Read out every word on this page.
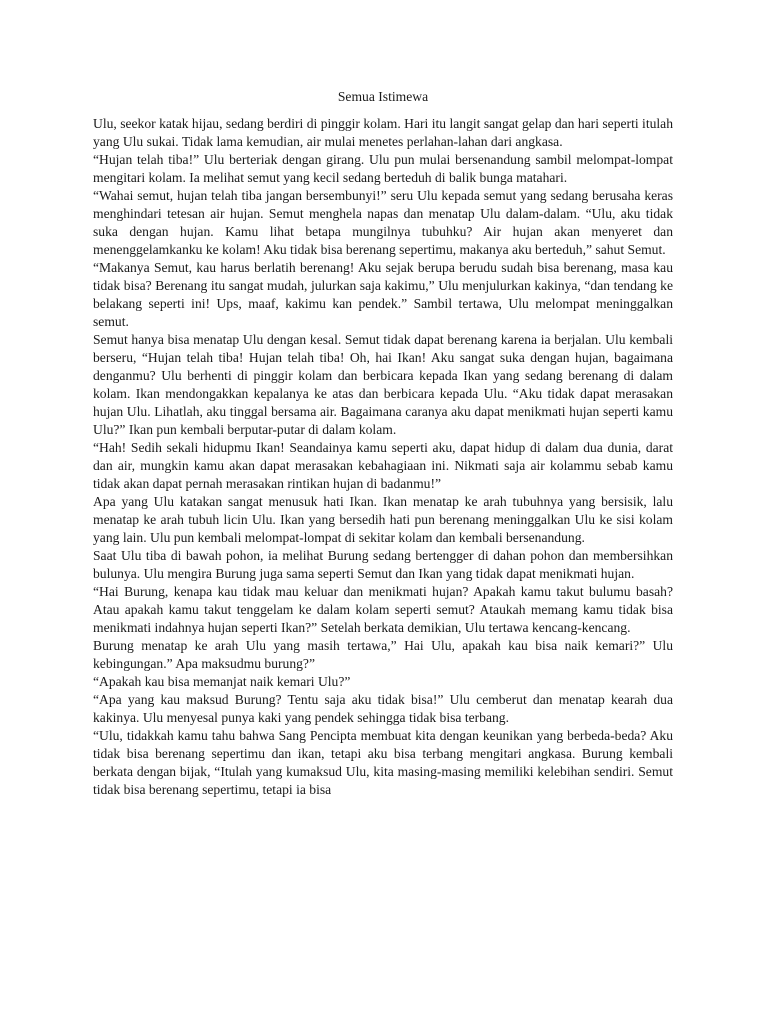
Semua Istimewa

Ulu, seekor katak hijau, sedang berdiri di pinggir kolam. Hari itu langit sangat gelap dan hari seperti itulah yang Ulu sukai. Tidak lama kemudian, air mulai menetes perlahan-lahan dari angkasa.

“Hujan telah tiba!” Ulu berteriak dengan girang. Ulu pun mulai bersenandung sambil melompat-lompat mengitari kolam. Ia melihat semut yang kecil sedang berteduh di balik bunga matahari.

“Wahai semut, hujan telah tiba jangan bersembunyi!” seru Ulu kepada semut yang sedang berusaha keras menghindari tetesan air hujan. Semut menghela napas dan menatap Ulu dalam-dalam. “Ulu, aku tidak suka dengan hujan. Kamu lihat betapa mungilnya tubuhku? Air hujan akan menyeret dan menenggelamkanku ke kolam! Aku tidak bisa berenang sepertimu, makanya aku berteduh,” sahut Semut.

“Makanya Semut, kau harus berlatih berenang! Aku sejak berupa berudu sudah bisa berenang, masa kau tidak bisa? Berenang itu sangat mudah, julurkan saja kakimu,” Ulu menjulurkan kakinya, “dan tendang ke belakang seperti ini! Ups, maaf, kakimu kan pendek.” Sambil tertawa, Ulu melompat meninggalkan semut.

Semut hanya bisa menatap Ulu dengan kesal. Semut tidak dapat berenang karena ia berjalan. Ulu kembali berseru, “Hujan telah tiba! Hujan telah tiba! Oh, hai Ikan! Aku sangat suka dengan hujan, bagaimana denganmu? Ulu berhenti di pinggir kolam dan berbicara kepada Ikan yang sedang berenang di dalam kolam. Ikan mendongakkan kepalanya ke atas dan berbicara kepada Ulu. “Aku tidak dapat merasakan hujan Ulu. Lihatlah, aku tinggal bersama air. Bagaimana caranya aku dapat menikmati hujan seperti kamu Ulu?” Ikan pun kembali berputar-putar di dalam kolam.

“Hah! Sedih sekali hidupmu Ikan! Seandainya kamu seperti aku, dapat hidup di dalam dua dunia, darat dan air, mungkin kamu akan dapat merasakan kebahagiaan ini. Nikmati saja air kolammu sebab kamu tidak akan dapat pernah merasakan rintikan hujan di badanmu!”

Apa yang Ulu katakan sangat menusuk hati Ikan. Ikan menatap ke arah tubuhnya yang bersisik, lalu menatap ke arah tubuh licin Ulu. Ikan yang bersedih hati pun berenang meninggalkan Ulu ke sisi kolam yang lain. Ulu pun kembali melompat-lompat di sekitar kolam dan kembali bersenandung.

Saat Ulu tiba di bawah pohon, ia melihat Burung sedang bertengger di dahan pohon dan membersihkan bulunya. Ulu mengira Burung juga sama seperti Semut dan Ikan yang tidak dapat menikmati hujan.

“Hai Burung, kenapa kau tidak mau keluar dan menikmati hujan? Apakah kamu takut bulumu basah? Atau apakah kamu takut tenggelam ke dalam kolam seperti semut? Ataukah memang kamu tidak bisa menikmati indahnya hujan seperti Ikan?” Setelah berkata demikian, Ulu tertawa kencang-kencang.

Burung menatap ke arah Ulu yang masih tertawa,” Hai Ulu, apakah kau bisa naik kemari?” Ulu kebingungan.” Apa maksudmu burung?”

“Apakah kau bisa memanjat naik kemari Ulu?”

“Apa yang kau maksud Burung? Tentu saja aku tidak bisa!” Ulu cemberut dan menatap kearah dua kakinya. Ulu menyesal punya kaki yang pendek sehingga tidak bisa terbang.

“Ulu, tidakkah kamu tahu bahwa Sang Pencipta membuat kita dengan keunikan yang berbeda-beda? Aku tidak bisa berenang sepertimu dan ikan, tetapi aku bisa terbang mengitari angkasa. Burung kembali berkata dengan bijak, “Itulah yang kumaksud Ulu, kita masing-masing memiliki kelebihan sendiri. Semut tidak bisa berenang sepertimu, tetapi ia bisa
